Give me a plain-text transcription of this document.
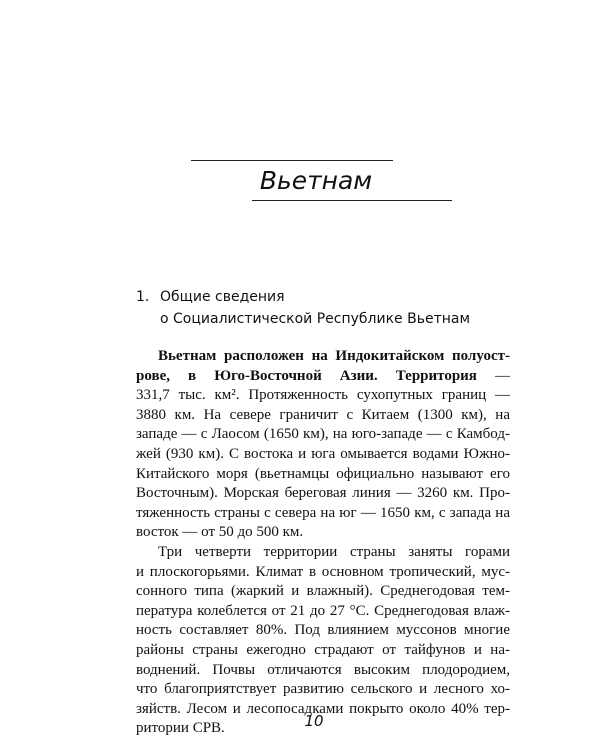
Вьетнам
1. Общие сведения
о Социалистической Республике Вьетнам
Вьетнам расположен на Индокитайском полуост-
рове, в Юго-Восточной Азии. Территория —
331,7 тыс. км². Протяженность сухопутных границ —
3880 км. На севере граничит с Китаем (1300 км), на
западе — с Лаосом (1650 км), на юго-западе — с Камбод-
жей (930 км). С востока и юга омывается водами Южно-
Китайского моря (вьетнамцы официально называют его
Восточным). Морская береговая линия — 3260 км. Про-
тяженность страны с севера на юг — 1650 км, с запада на
восток — от 50 до 500 км.
Три четверти территории страны заняты горами
и плоскогорьями. Климат в основном тропический, мус-
сонного типа (жаркий и влажный). Среднегодовая тем-
пература колеблется от 21 до 27 °С. Среднегодовая влаж-
ность составляет 80%. Под влиянием муссонов многие
районы страны ежегодно страдают от тайфунов и на-
воднений. Почвы отличаются высоким плодородием,
что благоприятствует развитию сельского и лесного хо-
зяйств. Лесом и лесопосадками покрыто около 40% тер-
ритории СРВ.	10
